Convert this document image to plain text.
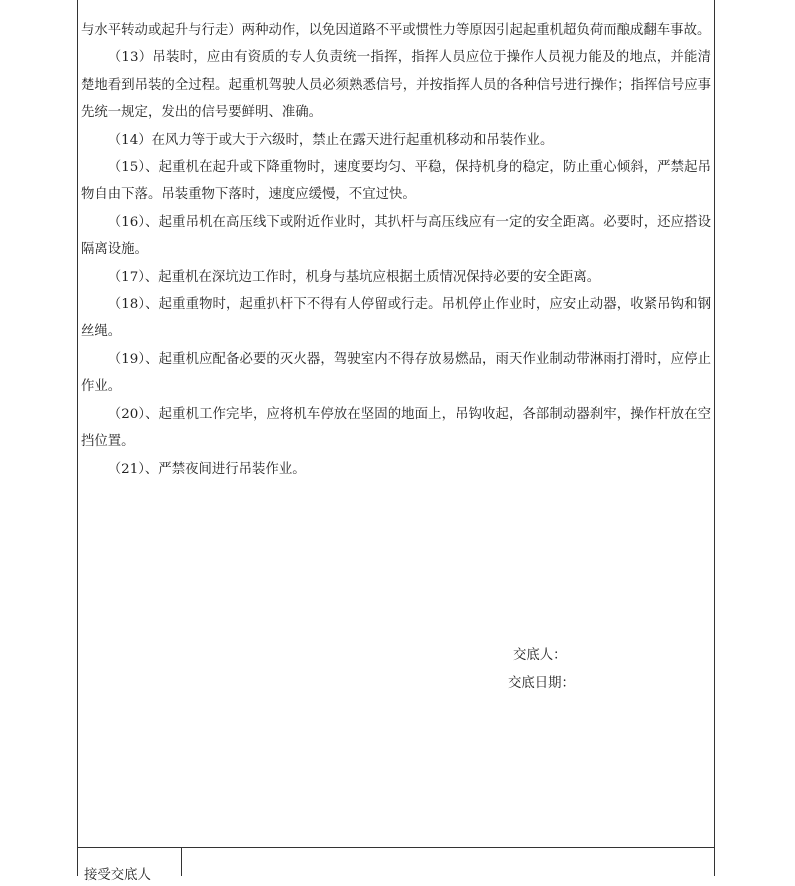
与水平转动或起升与行走）两种动作，以免因道路不平或惯性力等原因引起起重机超负荷而酿成翻车事故。

（13）吊装时，应由有资质的专人负责统一指挥，指挥人员应位于操作人员视力能及的地点，并能清楚地看到吊装的全过程。起重机驾驶人员必须熟悉信号，并按指挥人员的各种信号进行操作；指挥信号应事先统一规定，发出的信号要鲜明、准确。

（14）在风力等于或大于六级时，禁止在露天进行起重机移动和吊装作业。

（15）、起重机在起升或下降重物时，速度要均匀、平稳，保持机身的稳定，防止重心倾斜，严禁起吊物自由下落。吊装重物下落时，速度应缓慢，不宜过快。

（16）、起重吊机在高压线下或附近作业时，其扒杆与高压线应有一定的安全距离。必要时，还应搭设隔离设施。

（17）、起重机在深坑边工作时，机身与基坑应根据土质情况保持必要的安全距离。

（18）、起重重物时，起重扒杆下不得有人停留或行走。吊机停止作业时，应安止动器，收紧吊钩和钢丝绳。

（19）、起重机应配备必要的灭火器，驾驶室内不得存放易燃品，雨天作业制动带淋雨打滑时，应停止作业。

（20）、起重机工作完毕，应将机车停放在坚固的地面上，吊钩收起，各部制动器刹牢，操作杆放在空挡位置。

（21）、严禁夜间进行吊装作业。

交底人：
交底日期：
接受交底人
